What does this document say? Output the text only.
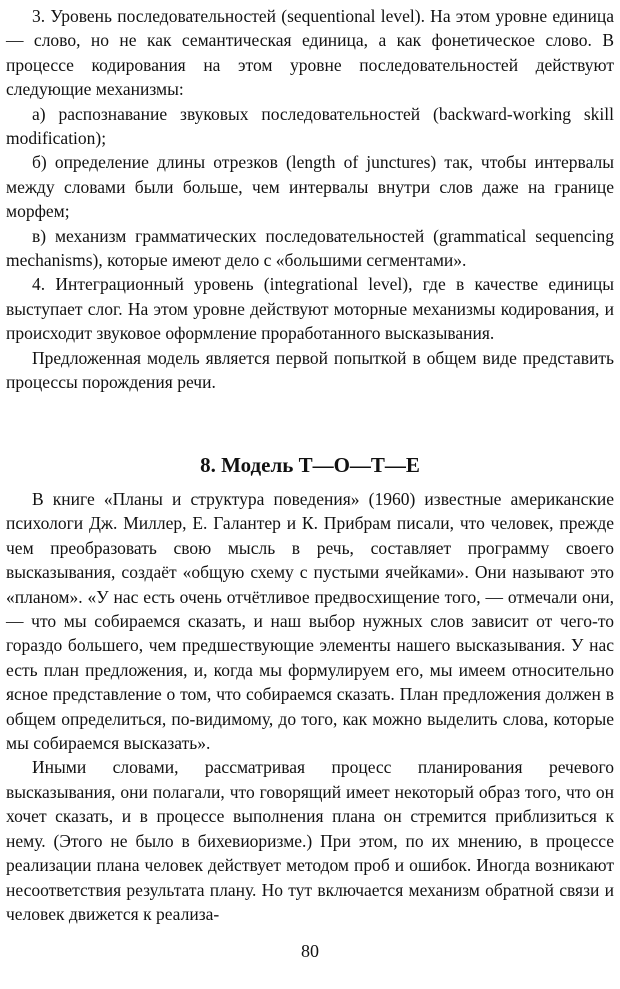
3. Уровень последовательностей (sequentional level). На этом уровне единица — слово, но не как семантическая единица, а как фонетическое слово. В процессе кодирования на этом уровне последовательностей действуют следующие механизмы:

а) распознавание звуковых последовательностей (backward-working skill modification);

б) определение длины отрезков (length of junctures) так, чтобы интервалы между словами были больше, чем интервалы внутри слов даже на границе морфем;

в) механизм грамматических последовательностей (grammatical sequencing mechanisms), которые имеют дело с «большими сегментами».

4. Интеграционный уровень (integrational level), где в качестве единицы выступает слог. На этом уровне действуют моторные механизмы кодирования, и происходит звуковое оформление проработанного высказывания.

Предложенная модель является первой попыткой в общем виде представить процессы порождения речи.

8. Модель Т—О—Т—Е

В книге «Планы и структура поведения» (1960) известные американские психологи Дж. Миллер, Е. Галантер и К. Прибрам писали, что человек, прежде чем преобразовать свою мысль в речь, составляет программу своего высказывания, создаёт «общую схему с пустыми ячейками». Они называют это «планом». «У нас есть очень отчётливое предвосхищение того, — отмечали они, — что мы собираемся сказать, и наш выбор нужных слов зависит от чего-то гораздо большего, чем предшествующие элементы нашего высказывания. У нас есть план предложения, и, когда мы формулируем его, мы имеем относительно ясное представление о том, что собираемся сказать. План предложения должен в общем определиться, по-видимому, до того, как можно выделить слова, которые мы собираемся высказать».

Иными словами, рассматривая процесс планирования речевого высказывания, они полагали, что говорящий имеет некоторый образ того, что он хочет сказать, и в процессе выполнения плана он стремится приблизиться к нему. (Этого не было в бихевиоризме.) При этом, по их мнению, в процессе реализации плана человек действует методом проб и ошибок. Иногда возникают несоответствия результата плану. Но тут включается механизм обратной связи и человек движется к реализа-

80
